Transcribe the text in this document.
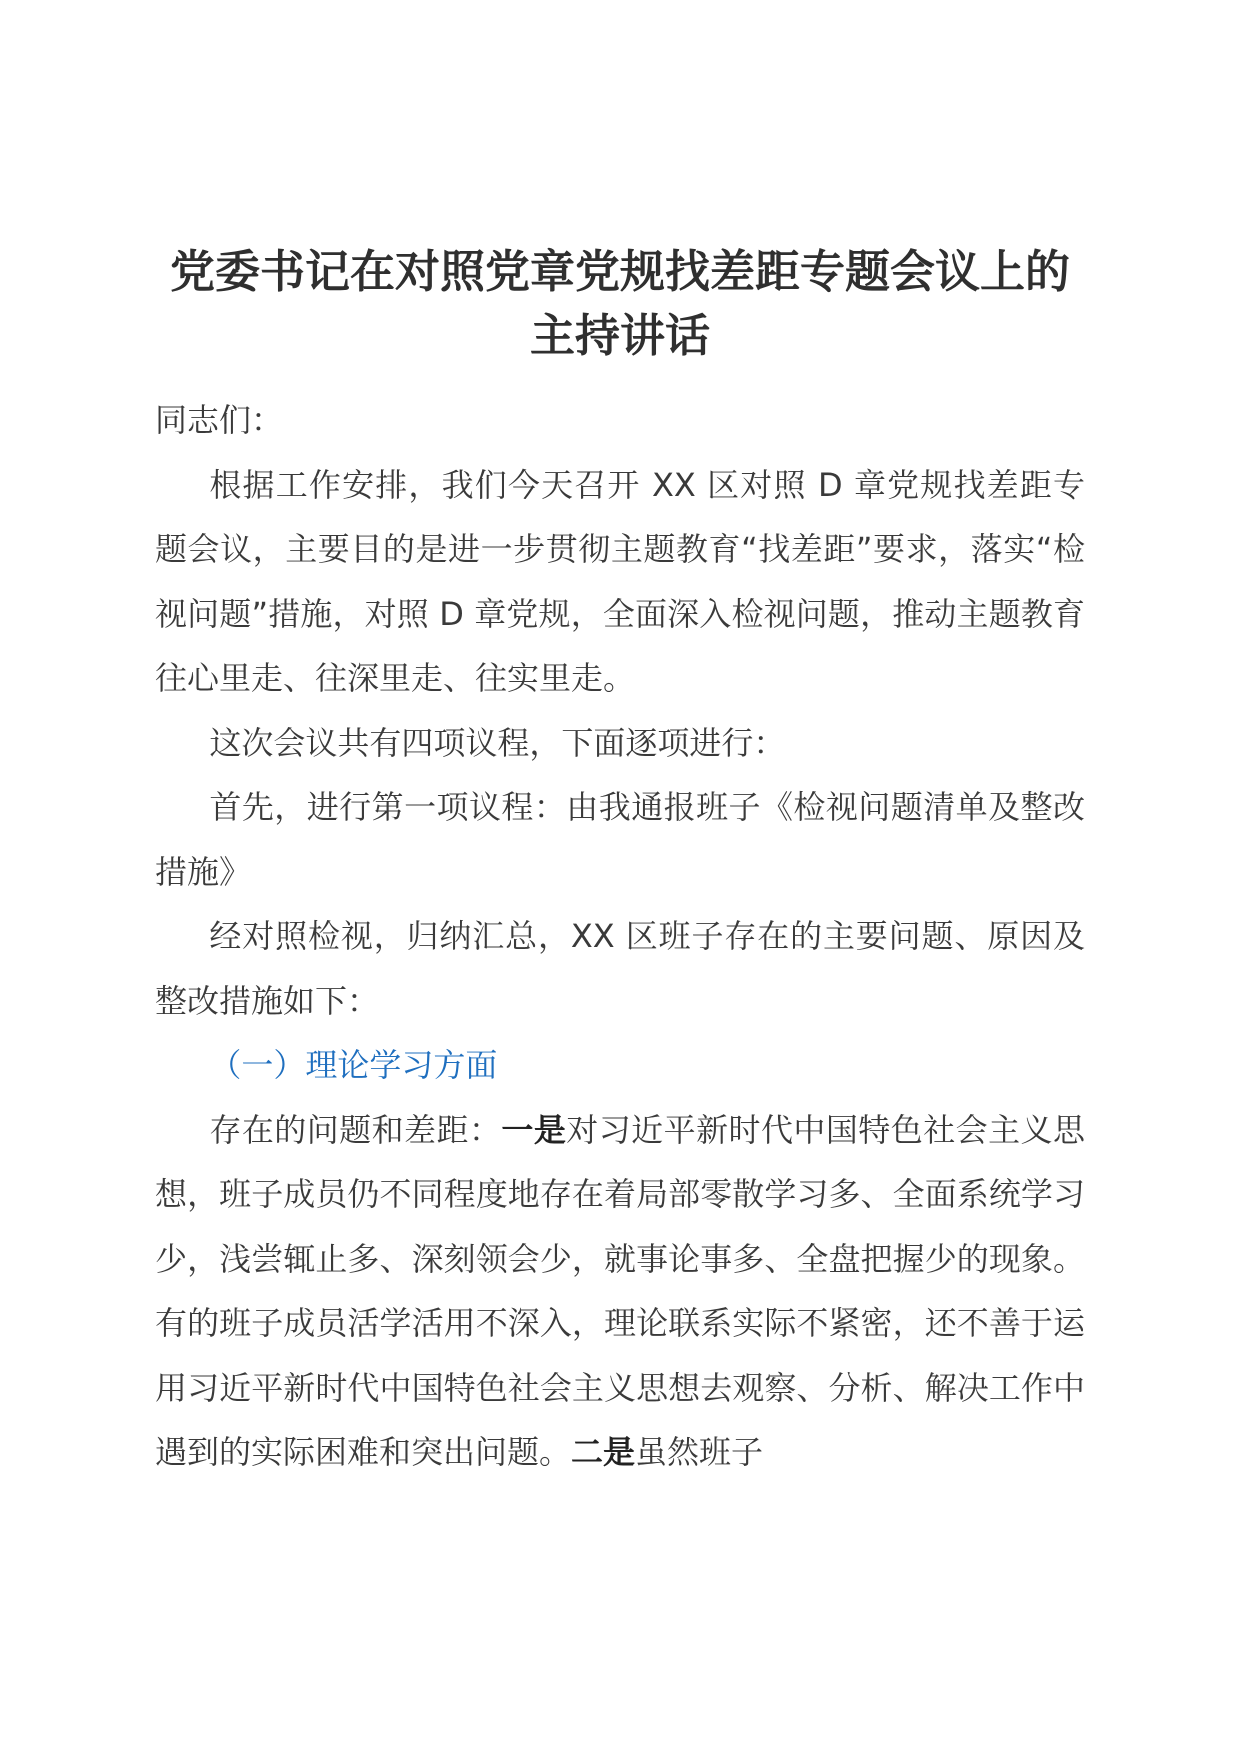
党委书记在对照党章党规找差距专题会议上的
主持讲话

同志们：

根据工作安排，我们今天召开 XX 区对照 D 章党规找差距专题会议，主要目的是进一步贯彻主题教育“找差距”要求，落实“检视问题”措施，对照 D 章党规，全面深入检视问题，推动主题教育往心里走、往深里走、往实里走。

这次会议共有四项议程，下面逐项进行：

首先，进行第一项议程：由我通报班子《检视问题清单及整改措施》

经对照检视，归纳汇总，XX 区班子存在的主要问题、原因及整改措施如下：

（一）理论学习方面

存在的问题和差距：一是对习近平新时代中国特色社会主义思想，班子成员仍不同程度地存在着局部零散学习多、全面系统学习少，浅尝辄止多、深刻领会少，就事论事多、全盘把握少的现象。有的班子成员活学活用不深入，理论联系实际不紧密，还不善于运用习近平新时代中国特色社会主义思想去观察、分析、解决工作中遇到的实际困难和突出问题。二是虽然班子
